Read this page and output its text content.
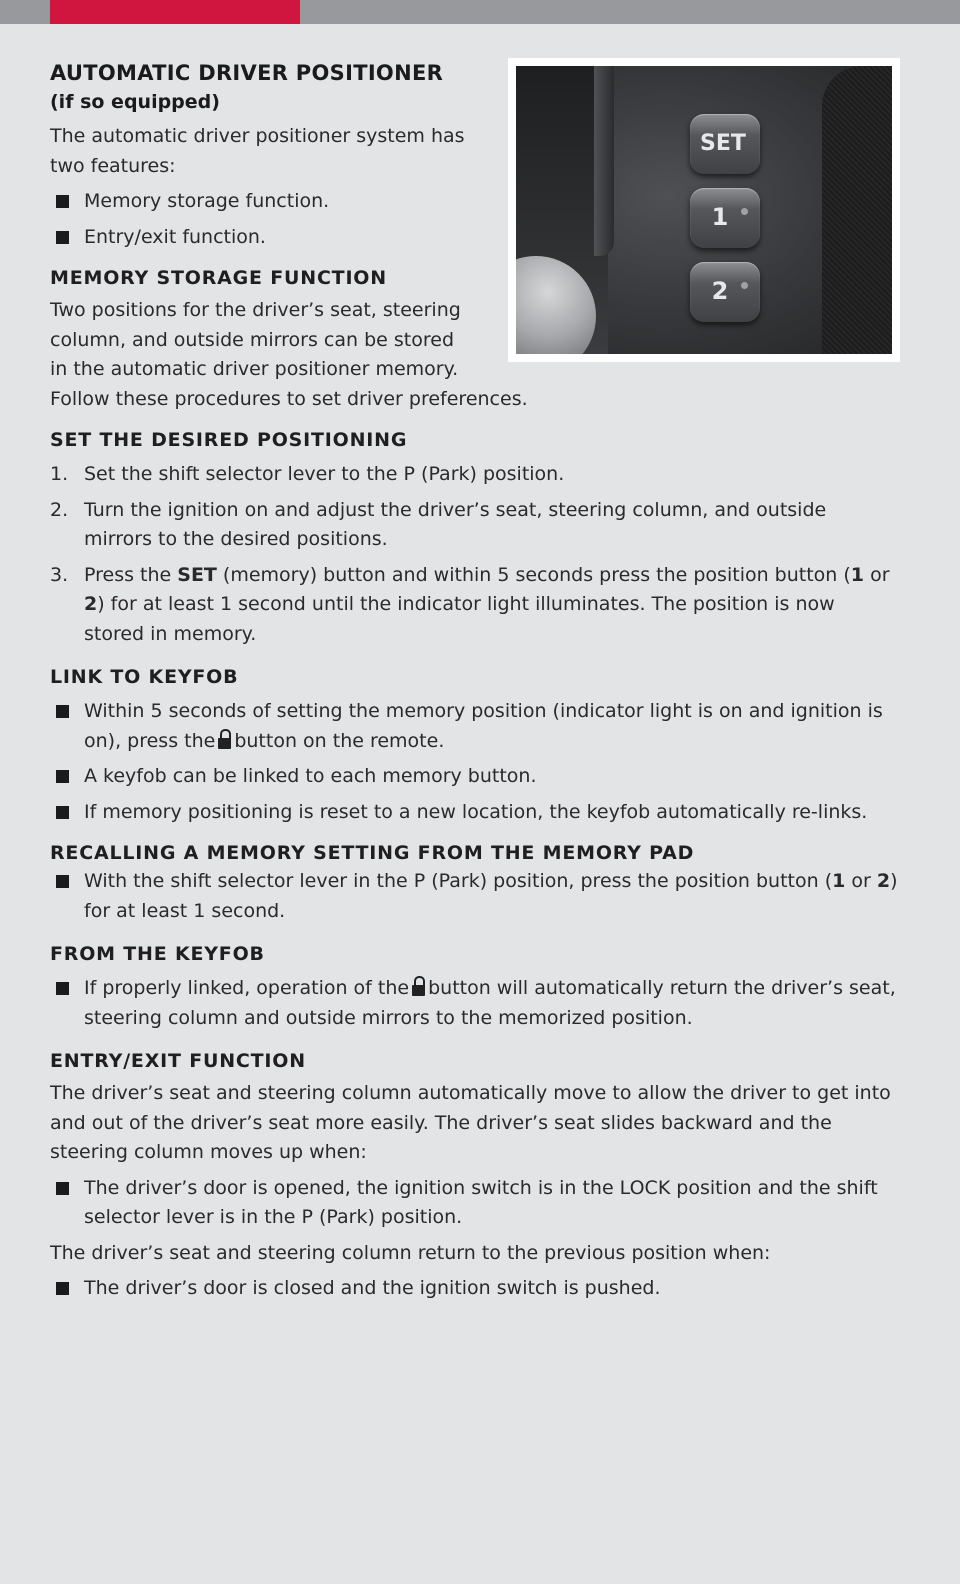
SET
1
2
AUTOMATIC DRIVER POSITIONER
(if so equipped)

The automatic driver positioner system has
two features:

Memory storage function.
Entry/exit function.
MEMORY STORAGE FUNCTION

Two positions for the driver’s seat, steering
column, and outside mirrors can be stored
in the automatic driver positioner memory.
Follow these procedures to set driver preferences.

SET THE DESIRED POSITIONING
1. Set the shift selector lever to the P (Park) position.
2. Turn the ignition on and adjust the driver’s seat, steering column, and outside mirrors to the desired positions.
3. Press the SET (memory) button and within 5 seconds press the position button (1 or 2) for at least 1 second until the indicator light illuminates. The position is now stored in memory.
LINK TO KEYFOB
Within 5 seconds of setting the memory position (indicator light is on and ignition is on), press the button on the remote.
A keyfob can be linked to each memory button.
If memory positioning is reset to a new location, the keyfob automatically re-links.
RECALLING A MEMORY SETTING FROM THE MEMORY PAD
With the shift selector lever in the P (Park) position, press the position button (1 or 2) for at least 1 second.
FROM THE KEYFOB
If properly linked, operation of the button will automatically return the driver’s seat, steering column and outside mirrors to the memorized position.
ENTRY/EXIT FUNCTION

The driver’s seat and steering column automatically move to allow the driver to get into and out of the driver’s seat more easily. The driver’s seat slides backward and the steering column moves up when:

The driver’s door is opened, the ignition switch is in the LOCK position and the shift selector lever is in the P (Park) position.

The driver’s seat and steering column return to the previous position when:

The driver’s door is closed and the ignition switch is pushed.
